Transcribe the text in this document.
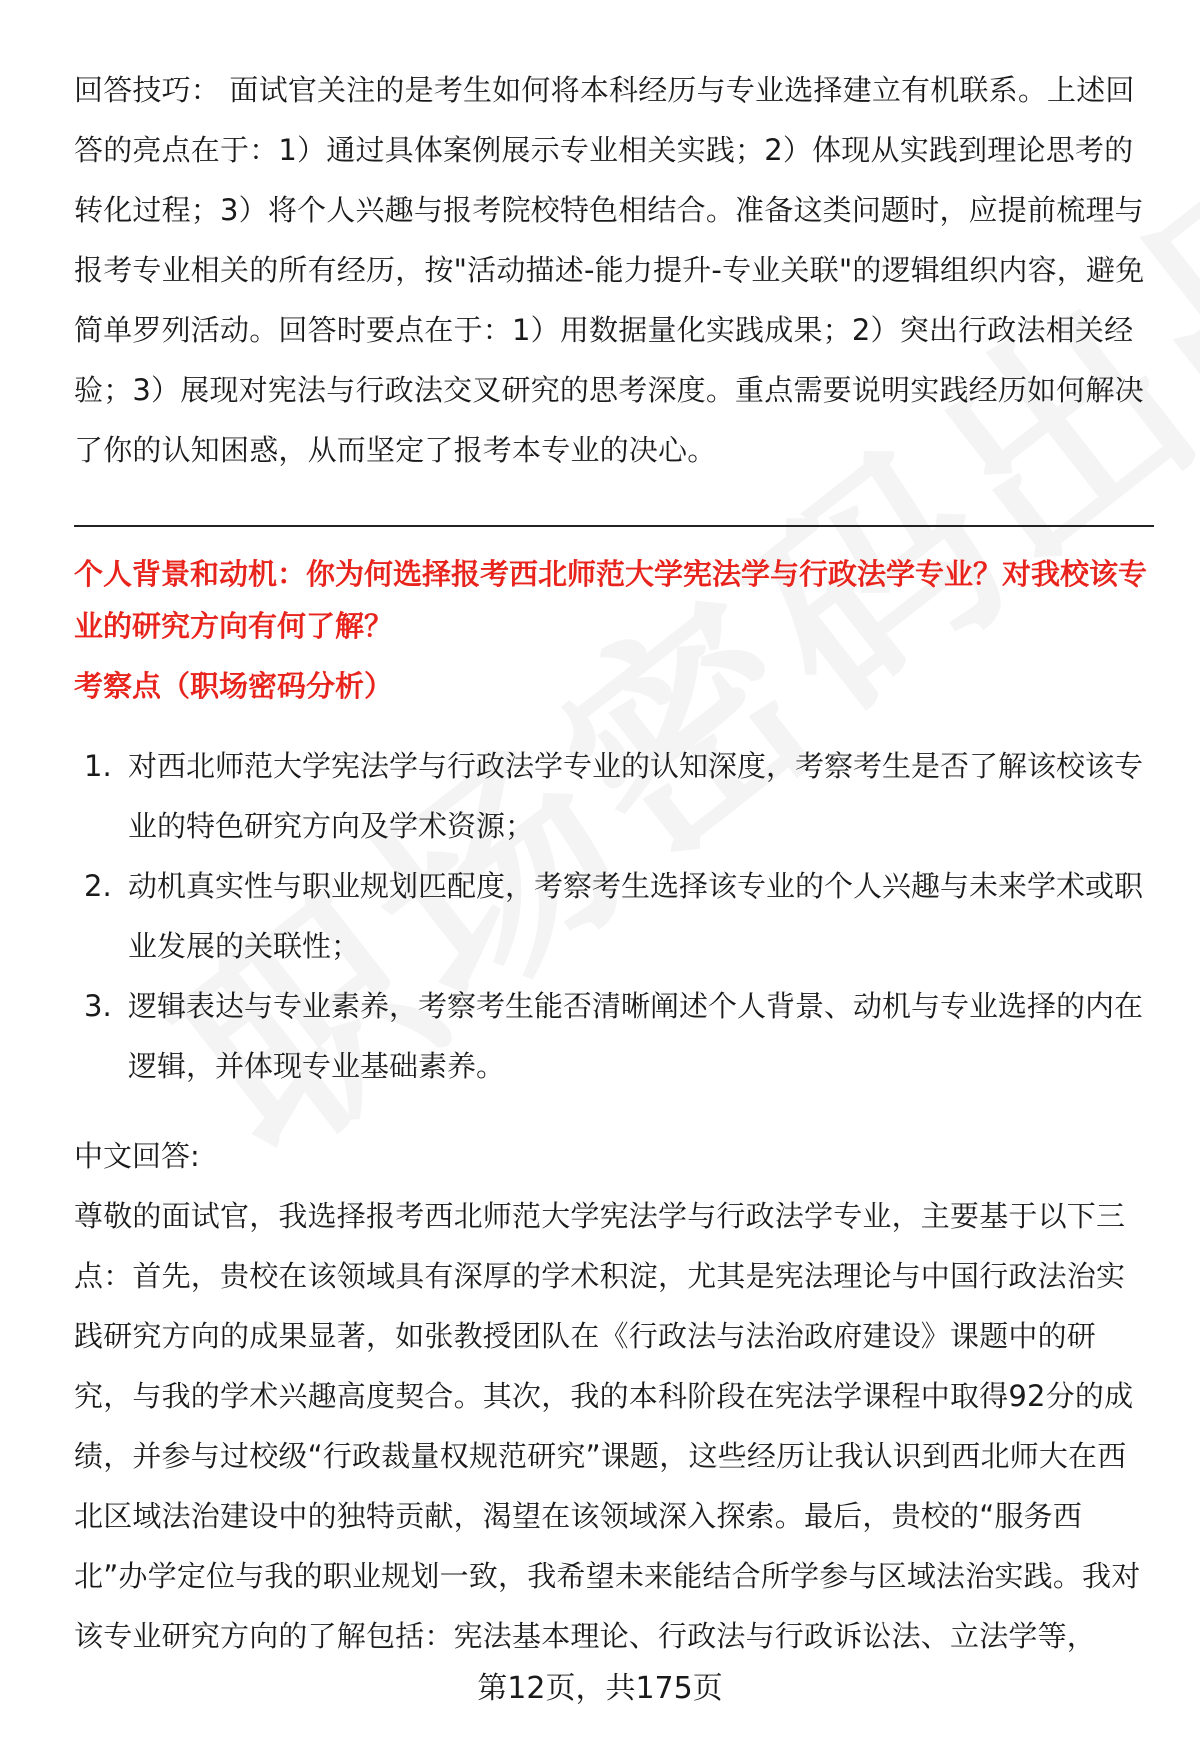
回答技巧： 面试官关注的是考生如何将本科经历与专业选择建立有机联系。上述回答的亮点在于：1）通过具体案例展示专业相关实践；2）体现从实践到理论思考的转化过程；3）将个人兴趣与报考院校特色相结合。准备这类问题时，应提前梳理与报考专业相关的所有经历，按"活动描述-能力提升-专业关联"的逻辑组织内容，避免简单罗列活动。回答时要点在于：1）用数据量化实践成果；2）突出行政法相关经验；3）展现对宪法与行政法交叉研究的思考深度。重点需要说明实践经历如何解决了你的认知困惑，从而坚定了报考本专业的决心。

个人背景和动机：你为何选择报考西北师范大学宪法学与行政法学专业？对我校该专业的研究方向有何了解？

考察点（职场密码分析）

1. 对西北师范大学宪法学与行政法学专业的认知深度，考察考生是否了解该校该专业的特色研究方向及学术资源；
2. 动机真实性与职业规划匹配度，考察考生选择该专业的个人兴趣与未来学术或职业发展的关联性；
3. 逻辑表达与专业素养，考察考生能否清晰阐述个人背景、动机与专业选择的内在逻辑，并体现专业基础素养。

中文回答:

尊敬的面试官，我选择报考西北师范大学宪法学与行政法学专业，主要基于以下三点：首先，贵校在该领域具有深厚的学术积淀，尤其是宪法理论与中国行政法治实践研究方向的成果显著，如张教授团队在《行政法与法治政府建设》课题中的研究，与我的学术兴趣高度契合。其次，我的本科阶段在宪法学课程中取得92分的成绩，并参与过校级“行政裁量权规范研究”课题，这些经历让我认识到西北师大在西北区域法治建设中的独特贡献，渴望在该领域深入探索。最后，贵校的“服务西北”办学定位与我的职业规划一致，我希望未来能结合所学参与区域法治实践。我对该专业研究方向的了解包括：宪法基本理论、行政法与行政诉讼法、立法学等，

第12页，共175页
